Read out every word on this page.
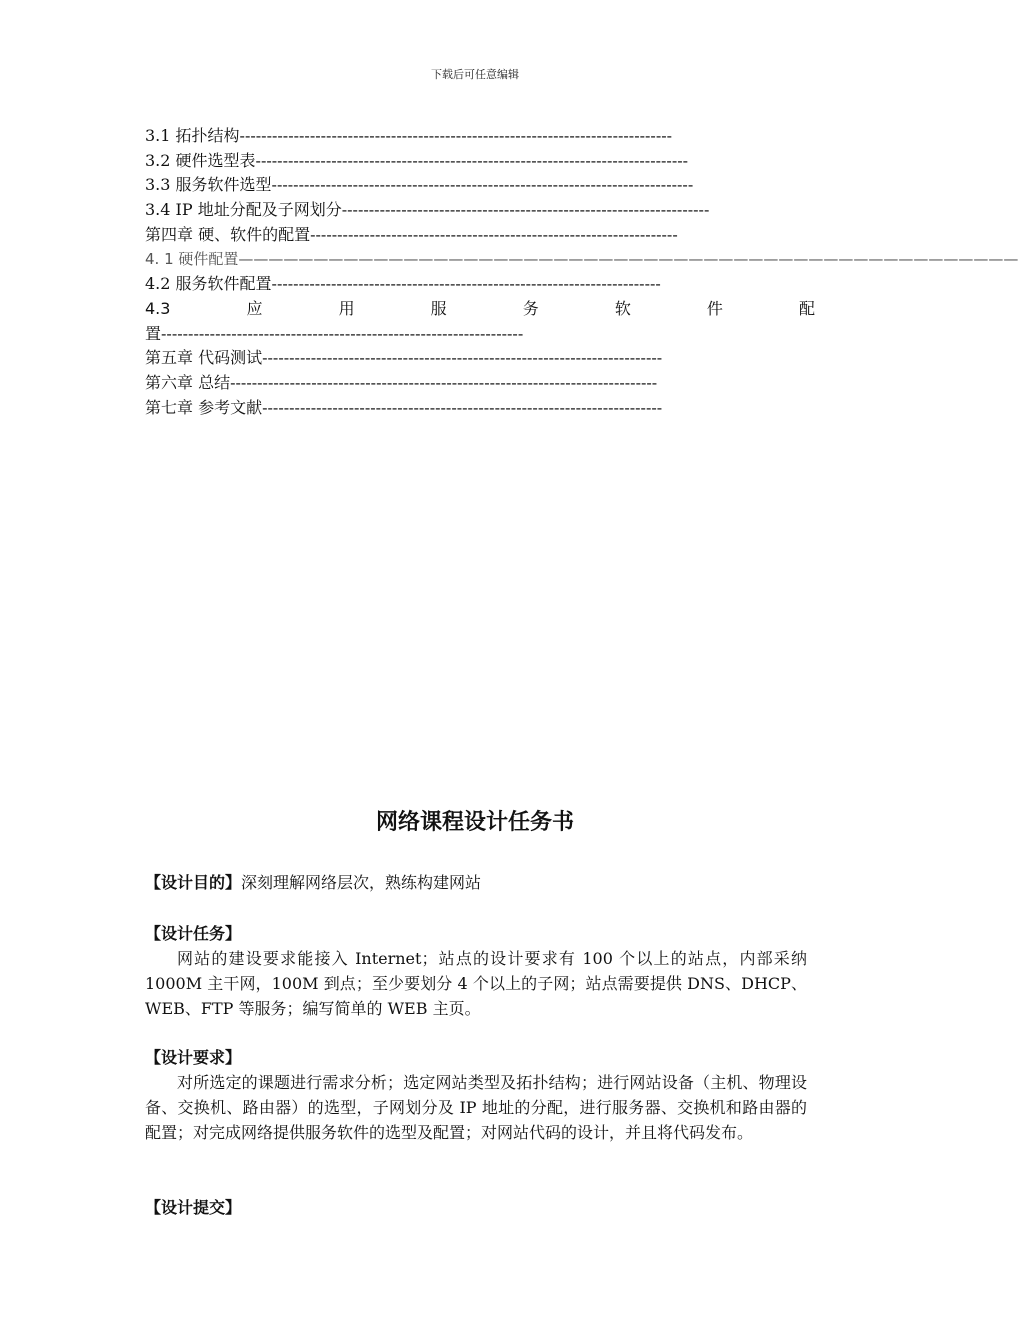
下载后可任意编辑
3.1 拓扑结构--------------------------------------------------------------------------------
3.2 硬件选型表--------------------------------------------------------------------------------
3.3 服务软件选型------------------------------------------------------------------------------
3.4 IP 地址分配及子网划分--------------------------------------------------------------------
第四章 硬、软件的配置--------------------------------------------------------------------
4. 1 硬件配置————————————————————————————————————————————————————
4.2 服务软件配置------------------------------------------------------------------------
4.3	应	用	服	务	软	件	配
置-------------------------------------------------------------------
第五章 代码测试--------------------------------------------------------------------------
第六章 总结-------------------------------------------------------------------------------
第七章 参考文献--------------------------------------------------------------------------
网络课程设计任务书
【设计目的】深刻理解网络层次，熟练构建网站
【设计任务】
网站的建设要求能接入 Internet；站点的设计要求有 100 个以上的站点，内部采纳 1000M 主干网，100M 到点；至少要划分 4 个以上的子网；站点需要提供 DNS、DHCP、WEB、FTP 等服务；编写简单的 WEB 主页。
【设计要求】
对所选定的课题进行需求分析；选定网站类型及拓扑结构；进行网站设备（主机、物理设备、交换机、路由器）的选型，子网划分及 IP 地址的分配，进行服务器、交换机和路由器的配置；对完成网络提供服务软件的选型及配置；对网站代码的设计，并且将代码发布。
【设计提交】
